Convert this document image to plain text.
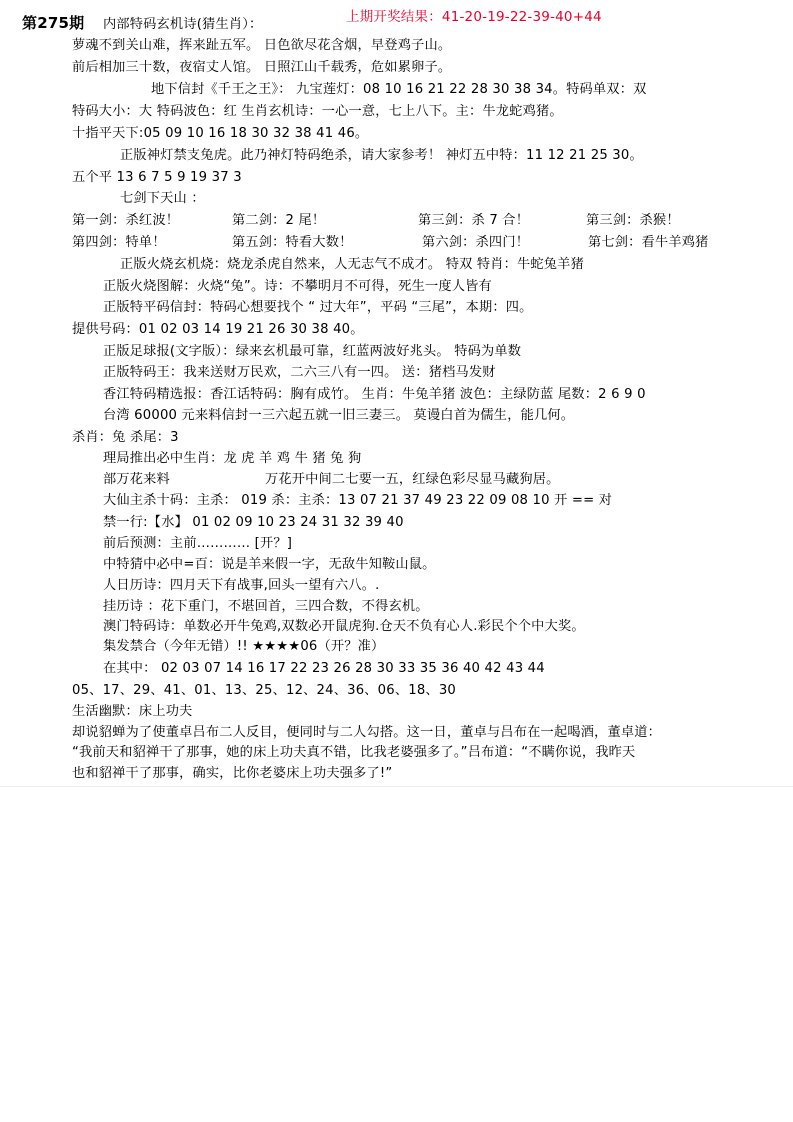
第275期 内部特码玄机诗(猜生肖）：	上期开奖结果：41-20-19-22-39-40+44
萝魂不到关山难，挥来趾五军。 日色欲尽花含烟，早登鸡子山。
前后相加三十数，夜宿丈人馆。 日照江山千载秀，危如累卵子。
地下信封《千王之王》： 九宝莲灯：08 10 16 21 22 28 30 38 34。特码单双：双
特码大小：大 特码波色：红 生肖玄机诗：一心一意，七上八下。主：牛龙蛇鸡猪。
十指平天下:05 09 10 16 18 30 32 38 41 46。
正版神灯禁支兔虎。此乃神灯特码绝杀，请大家参考！ 神灯五中特：11 12 21 25 30。
五个平 13 6 7 5 9 19 37 3
七剑下天山 ：
第一剑：杀红波！	第二剑：2 尾！	第三剑：杀 7 合！	第三剑：杀猴！
第四剑：特单！	第五剑：特看大数！	第六剑：杀四门！	第七剑：看牛羊鸡猪
正版火烧玄机烧：烧龙杀虎自然来，人无志气不成才。 特双 特肖：牛蛇兔羊猪
正版火烧图解：火烧“兔”。诗：不攀明月不可得，死生一度人皆有
正版特平码信封：特码心想要找个 “ 过大年”，平码 “三尾”，本期：四。
提供号码：01 02 03 14 19 21 26 30 38 40。
正版足球报(文字版）：绿来玄机最可靠，红蓝两波好兆头。 特码为单数
正版特码王：我来送财万民欢，二六三八有一四。 送：猪档马发财
香江特码精选报：香江话特码：胸有成竹。 生肖：牛兔羊猪 波色：主绿防蓝 尾数：2 6 9 0
台湾 60000 元来料信封一三六起五就一旧三妻三。 莫谩白首为儒生，能几何。
杀肖：兔 杀尾：3
理局推出必中生肖：龙 虎 羊 鸡 牛 猪 兔 狗
部万花来料	万花开中间二七要一五，红绿色彩尽显马藏狗居。
大仙主杀十码：主杀： 019 杀：主杀：13 07 21 37 49 23 22 09 08 10 开 == 对
禁一行:【水】 01 02 09 10 23 24 31 32 39 40
前后预测：主前………… [开？]
中特猜中必中=百：说是羊来假一字，无敌牛知鞍山鼠。
人日历诗：四月天下有战事,回头一望有六八。.
挂历诗 ：花下重门，不堪回首，三四合数，不得玄机。
澳门特码诗：单数必开牛兔鸡,双数必开鼠虎狗.仓天不负有心人.彩民个个中大奖。
集发禁合（今年无错）!! ★★★★06（开？准）
在其中： 02 03 07 14 16 17 22 23 26 28 30 33 35 36 40 42 43 44
05、17、29、41、01、13、25、12、24、36、06、18、30
生活幽默：床上功夫
却说貂蝉为了使董卓吕布二人反目，便同时与二人勾搭。这一日，董卓与吕布在一起喝酒，董卓道：
“我前天和貂禅干了那事，她的床上功夫真不错，比我老婆强多了。”吕布道：“不瞒你说，我昨天
也和貂禅干了那事，确实，比你老婆床上功夫强多了!”
